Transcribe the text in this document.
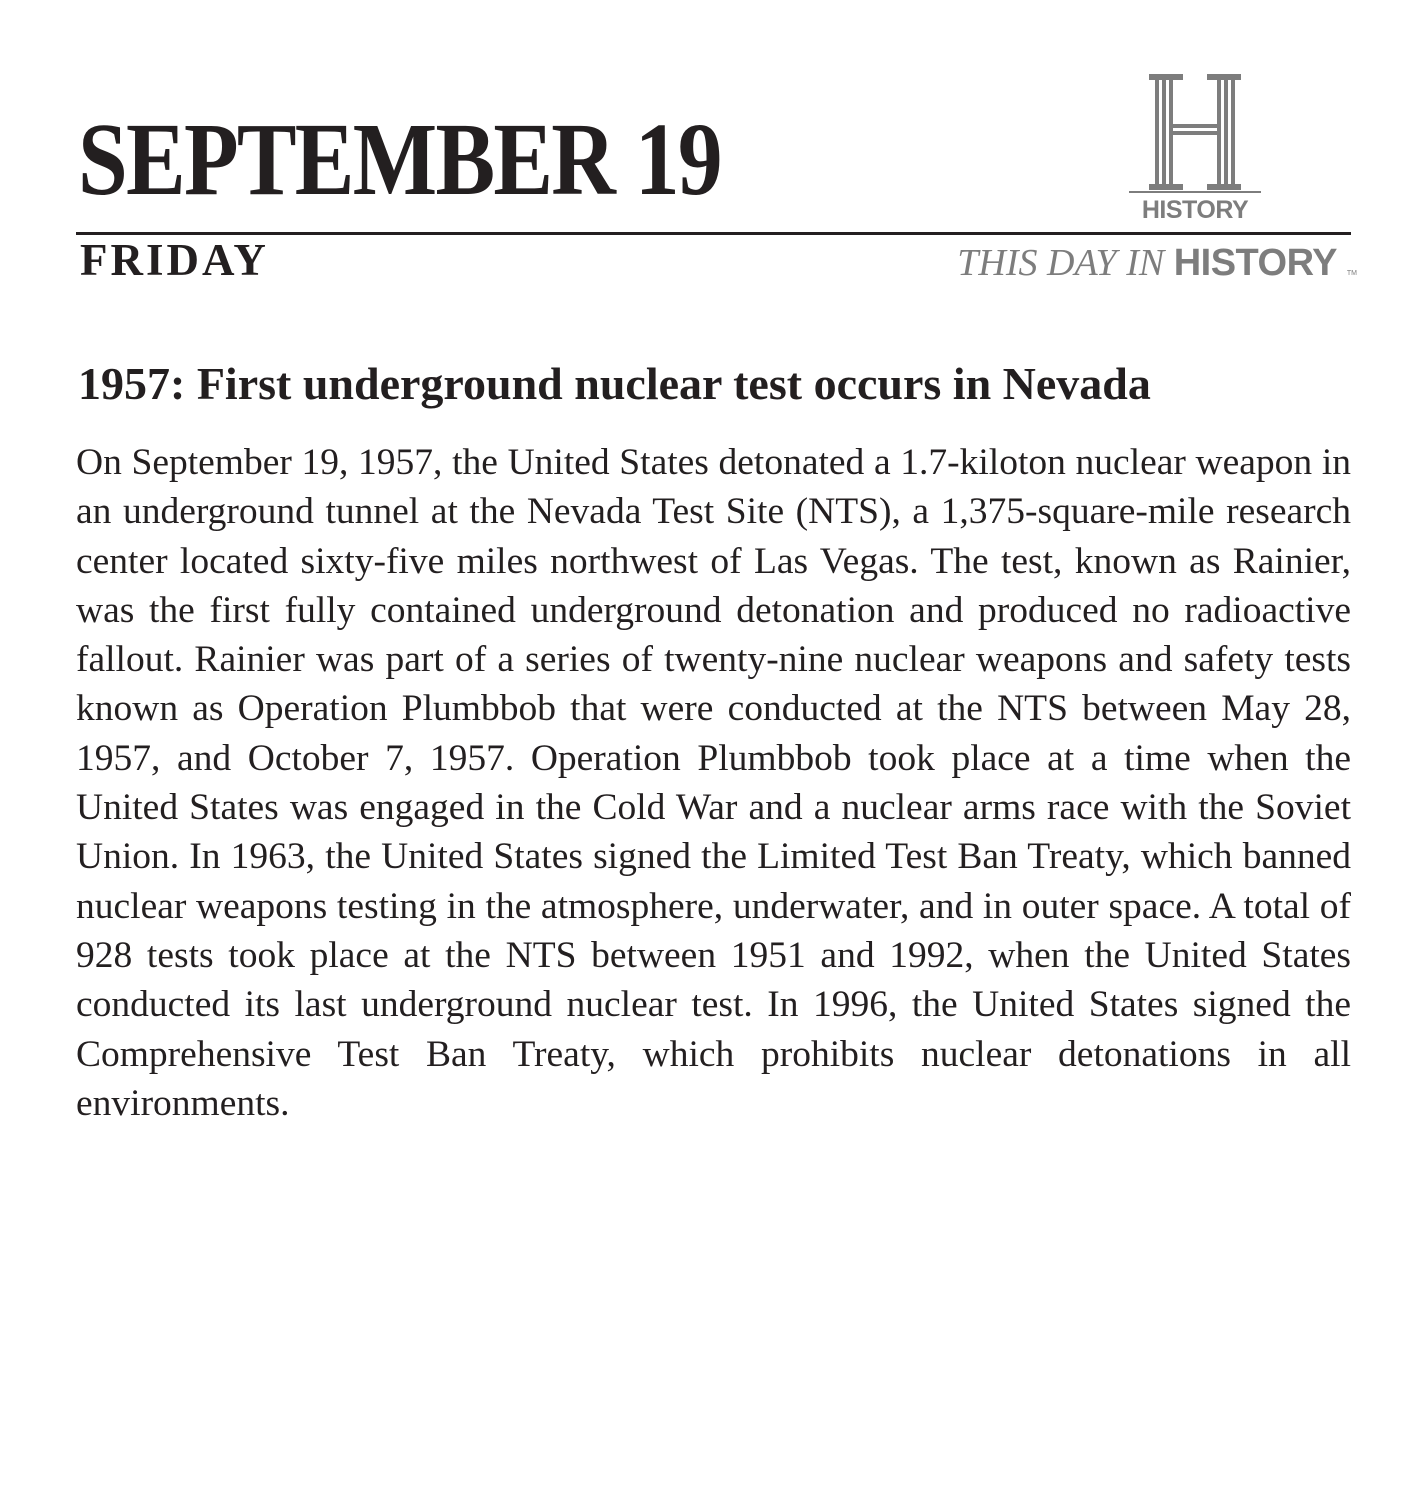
SEPTEMBER 19	HISTORY
FRIDAY	THIS DAY IN HISTORY TM
1957: First underground nuclear test occurs in Nevada

On September 19, 1957, the United States detonated a 1.7-kiloton nuclear weapon in an underground tunnel at the Nevada Test Site (NTS), a 1,375-square-mile research center located sixty-five miles northwest of Las Vegas. The test, known as Rainier, was the first fully contained underground detonation and produced no radioactive fallout. Rainier was part of a series of twenty-nine nuclear weapons and safety tests known as Operation Plumbbob that were conducted at the NTS between May 28, 1957, and October 7, 1957. Operation Plumbbob took place at a time when the United States was engaged in the Cold War and a nuclear arms race with the Soviet Union. In 1963, the United States signed the Limited Test Ban Treaty, which banned nuclear weapons testing in the atmosphere, underwater, and in outer space. A total of 928 tests took place at the NTS between 1951 and 1992, when the United States conducted its last underground nuclear test. In 1996, the United States signed the Comprehensive Test Ban Treaty, which prohibits nuclear detonations in all environments.
